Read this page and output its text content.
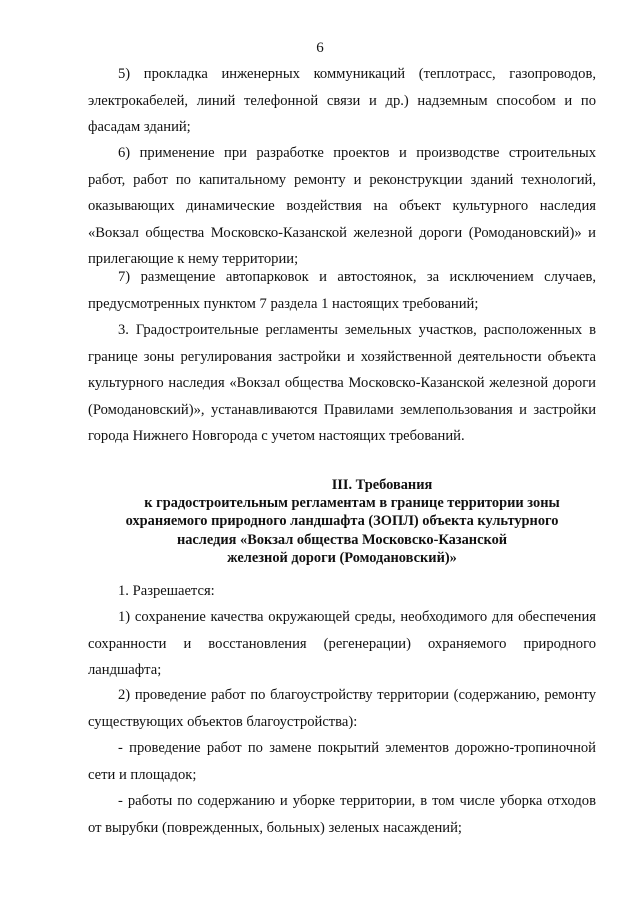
6

5) прокладка инженерных коммуникаций (теплотрасс, газопроводов, электрокабелей, линий телефонной связи и др.) надземным способом и по фасадам зданий;

6) применение при разработке проектов и производстве строительных работ, работ по капитальному ремонту и реконструкции зданий технологий, оказывающих динамические воздействия на объект культурного наследия «Вокзал общества Московско-Казанской железной дороги (Ромодановский)» и прилегающие к нему территории;

7) размещение автопарковок и автостоянок, за исключением случаев, предусмотренных пунктом 7 раздела 1 настоящих требований;

3. Градостроительные регламенты земельных участков, расположенных в границе зоны регулирования застройки и хозяйственной деятельности объекта культурного наследия «Вокзал общества Московско-Казанской железной дороги (Ромодановский)», устанавливаются Правилами землепользования и застройки города Нижнего Новгорода с учетом настоящих требований.

III. Требования
к градостроительным регламентам в границе территории зоны
охраняемого природного ландшафта (ЗОПЛ) объекта культурного
наследия «Вокзал общества Московско-Казанской
железной дороги (Ромодановский)»

1. Разрешается:

1) сохранение качества окружающей среды, необходимого для обеспечения сохранности и восстановления (регенерации) охраняемого природного ландшафта;

2) проведение работ по благоустройству территории (содержанию, ремонту существующих объектов благоустройства):

- проведение работ по замене покрытий элементов дорожно-тропиночной сети и площадок;

- работы по содержанию и уборке территории, в том числе уборка отходов от вырубки (поврежденных, больных) зеленых насаждений;
